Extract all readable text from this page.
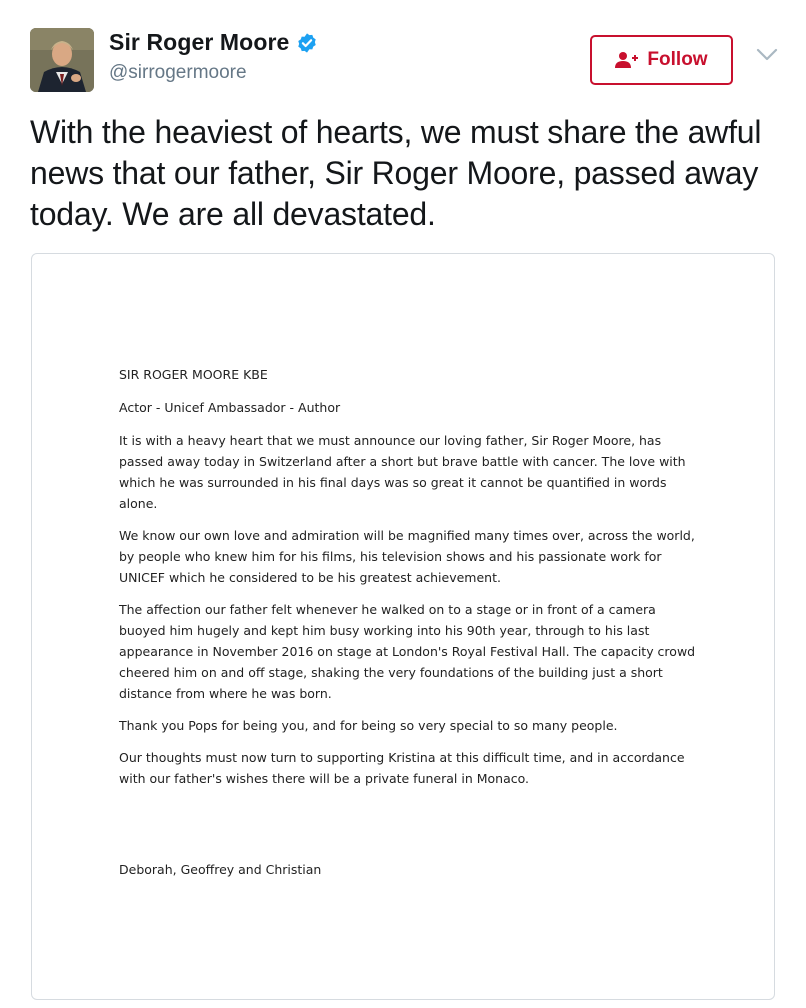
Sir Roger Moore
@sirrogermoore
Follow

With the heaviest of hearts, we must share the awful news that our father, Sir Roger Moore, passed away today. We are all devastated.

SIR ROGER MOORE KBE

Actor - Unicef Ambassador - Author

It is with a heavy heart that we must announce our loving father, Sir Roger Moore, has passed away today in Switzerland after a short but brave battle with cancer. The love with which he was surrounded in his final days was so great it cannot be quantified in words alone.

We know our own love and admiration will be magnified many times over, across the world, by people who knew him for his films, his television shows and his passionate work for UNICEF which he considered to be his greatest achievement.

The affection our father felt whenever he walked on to a stage or in front of a camera buoyed him hugely and kept him busy working into his 90th year, through to his last appearance in November 2016 on stage at London's Royal Festival Hall. The capacity crowd cheered him on and off stage, shaking the very foundations of the building just a short distance from where he was born.

Thank you Pops for being you, and for being so very special to so many people.

Our thoughts must now turn to supporting Kristina at this difficult time, and in accordance with our father's wishes there will be a private funeral in Monaco.

Deborah, Geoffrey and Christian
